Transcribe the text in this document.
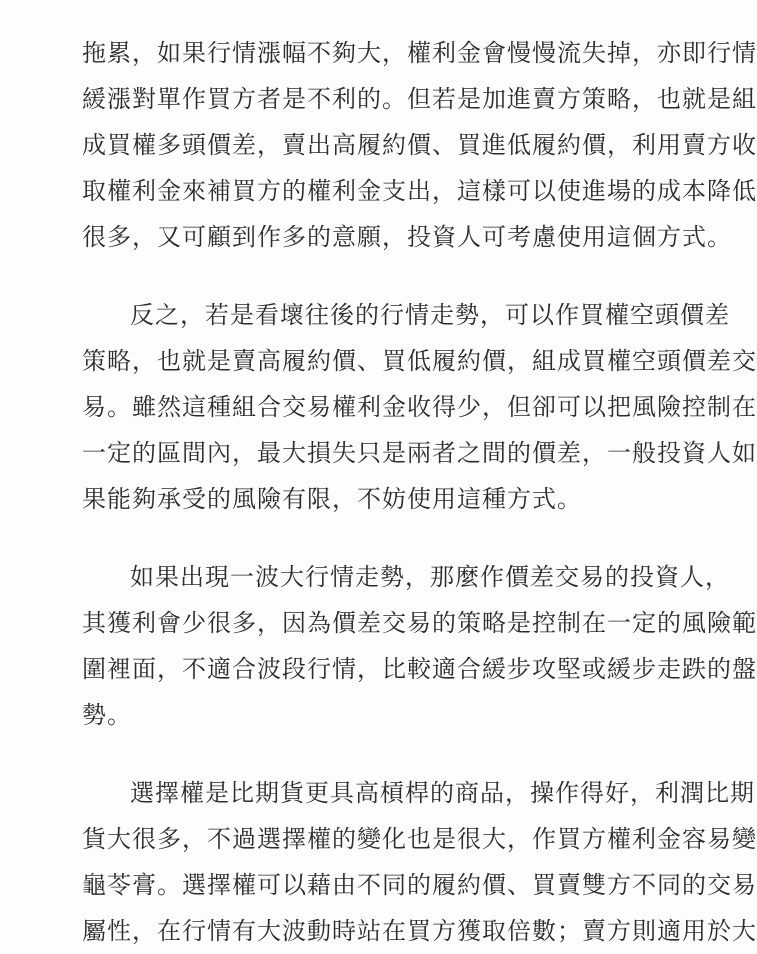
拖累，如果行情漲幅不夠大，權利金會慢慢流失掉，亦即行情
緩漲對單作買方者是不利的。但若是加進賣方策略，也就是組
成買權多頭價差，賣出高履約價、買進低履約價，利用賣方收
取權利金來補買方的權利金支出，這樣可以使進場的成本降低
很多，又可顧到作多的意願，投資人可考慮使用這個方式。
反之，若是看壞往後的行情走勢，可以作買權空頭價差
策略，也就是賣高履約價、買低履約價，組成買權空頭價差交
易。雖然這種組合交易權利金收得少，但卻可以把風險控制在
一定的區間內，最大損失只是兩者之間的價差，一般投資人如
果能夠承受的風險有限，不妨使用這種方式。
如果出現一波大行情走勢，那麼作價差交易的投資人，
其獲利會少很多，因為價差交易的策略是控制在一定的風險範
圍裡面，不適合波段行情，比較適合緩步攻堅或緩步走跌的盤
勢。
選擇權是比期貨更具高槓桿的商品，操作得好，利潤比期
貨大很多，不過選擇權的變化也是很大，作買方權利金容易變
龜苓膏。選擇權可以藉由不同的履約價、買賣雙方不同的交易
屬性，在行情有大波動時站在買方獲取倍數；賣方則適用於大
